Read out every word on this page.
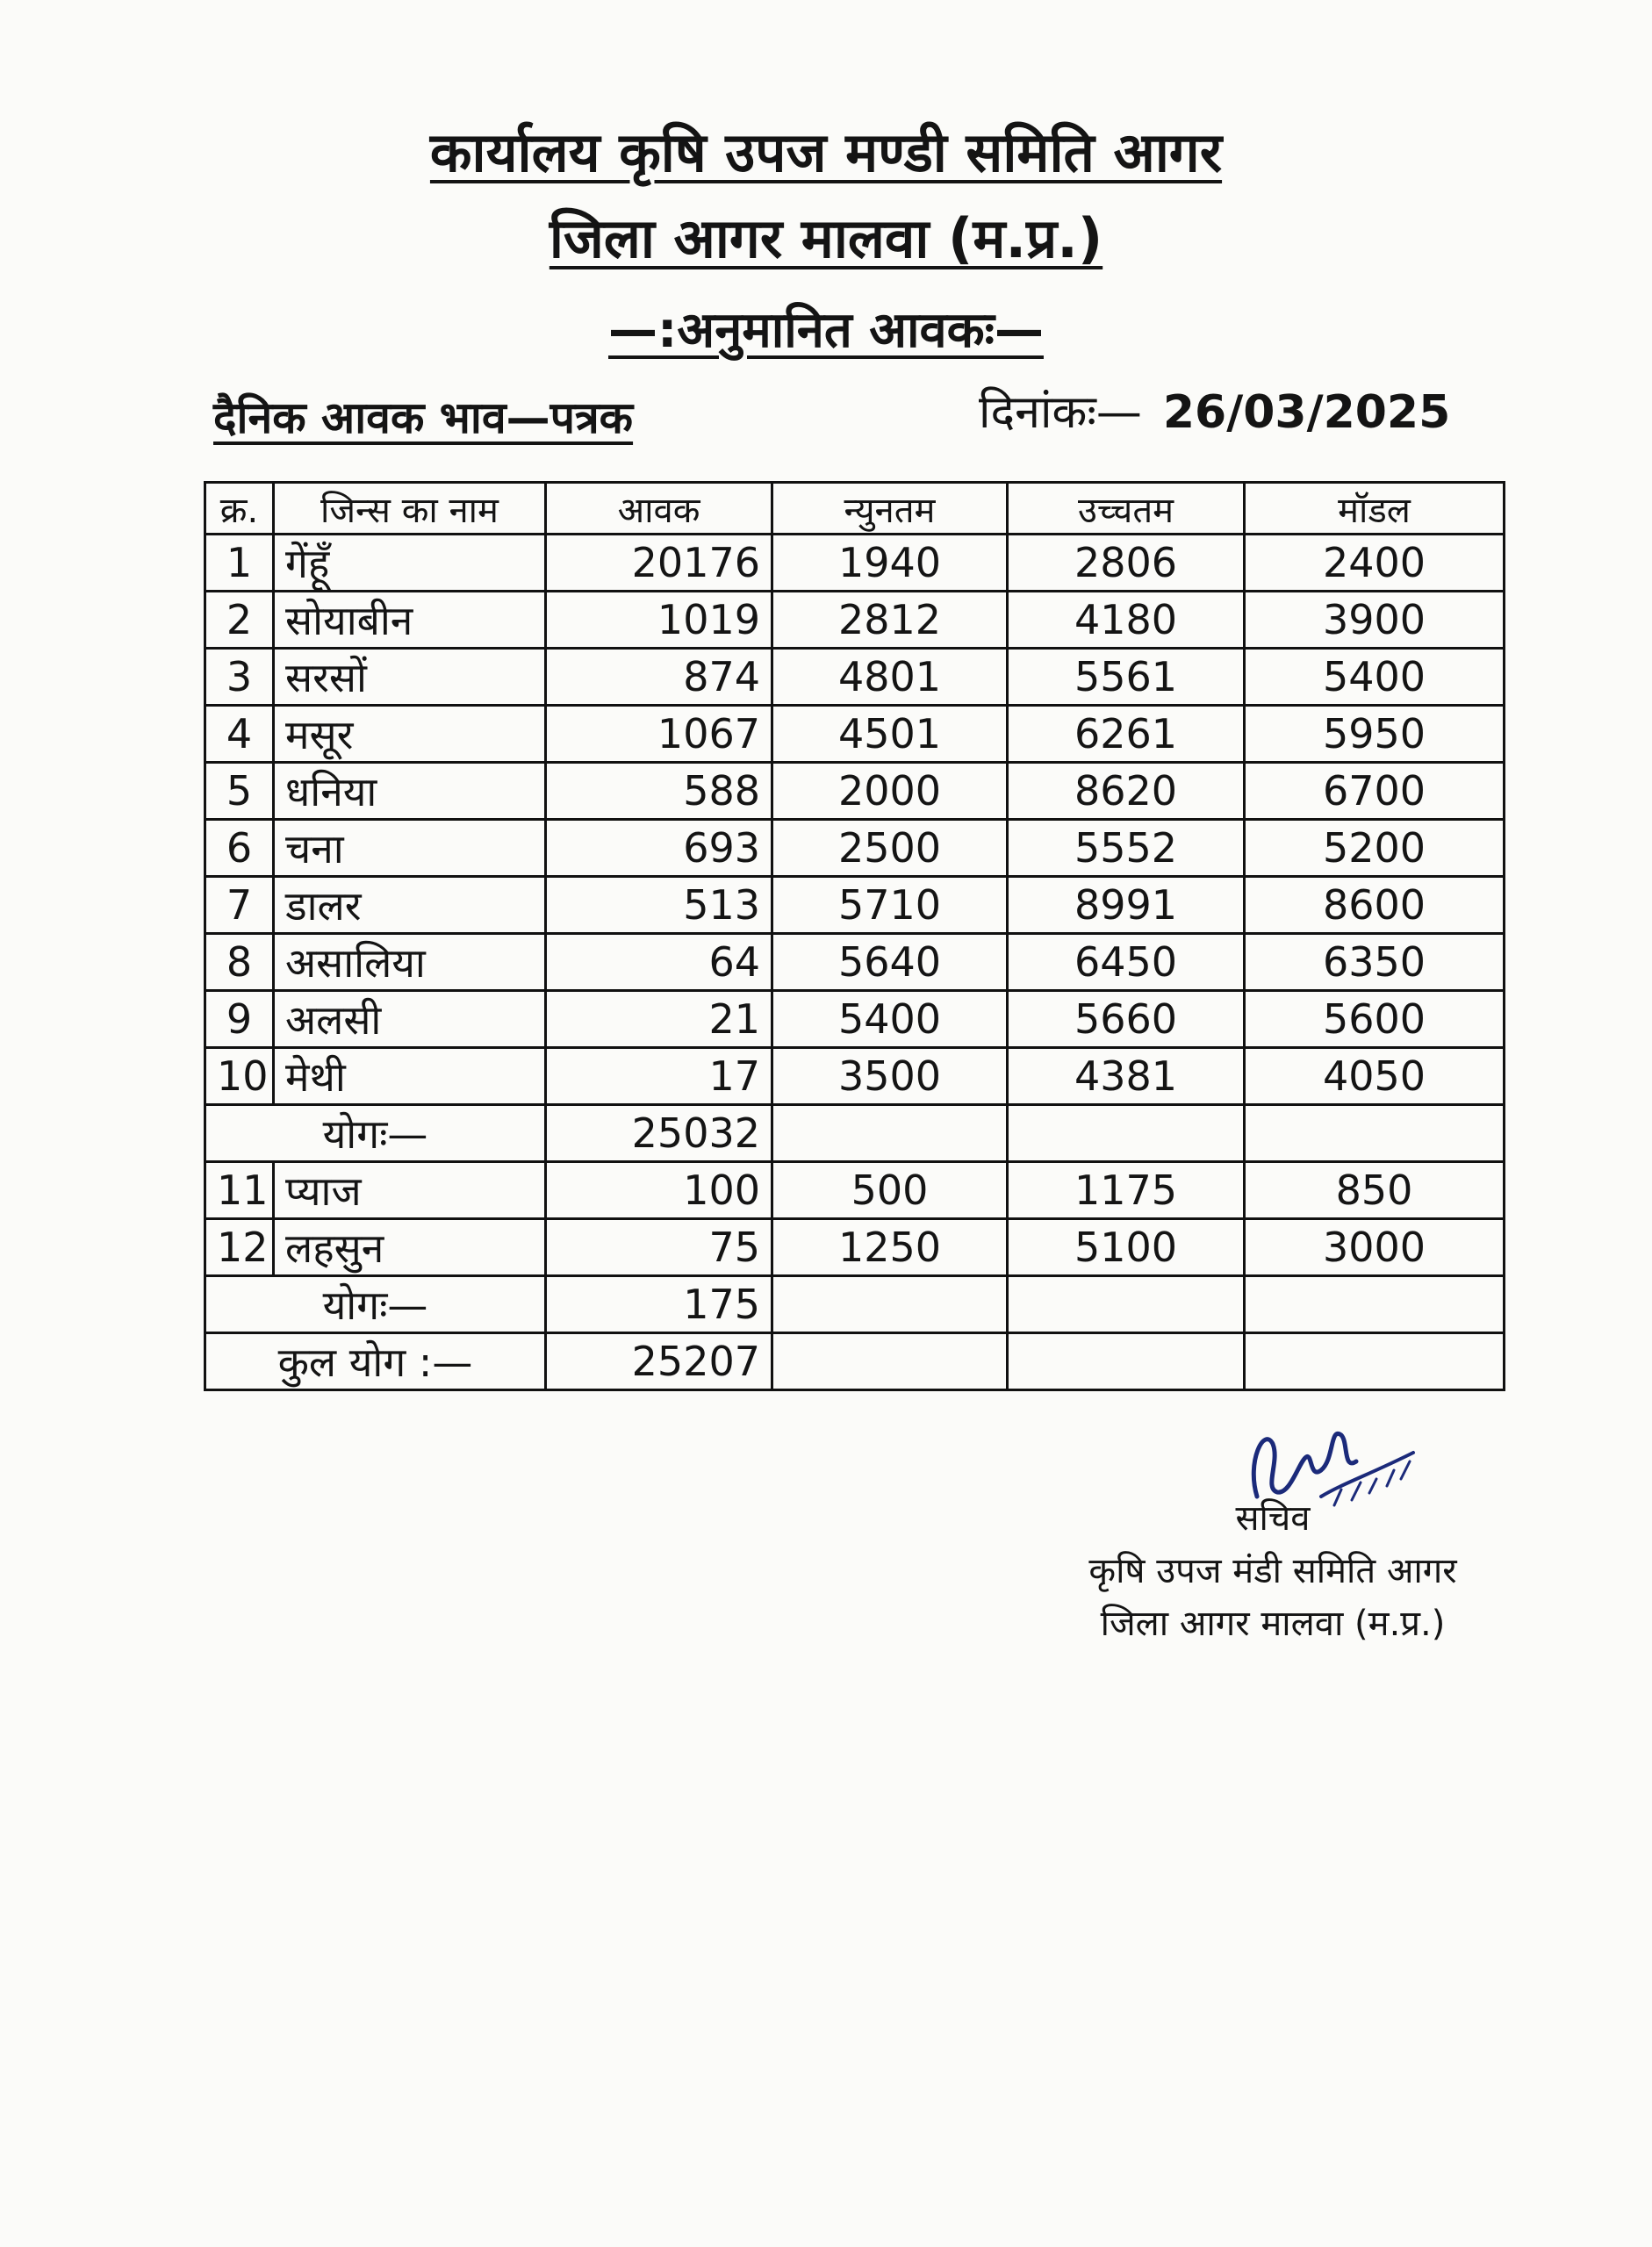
कार्यालय कृषि उपज मण्डी समिति आगर
जिला आगर मालवा (म.प्र.)
—:अनुमानित आवकः—
दैनिक आवक भाव—पत्रक	दिनांकः— 26/03/2025
क्र.	जिन्स का नाम	आवक	न्युनतम	उच्चतम	मॉडल
1	गेंहूँ	20176	1940	2806	2400
2	सोयाबीन	1019	2812	4180	3900
3	सरसों	874	4801	5561	5400
4	मसूर	1067	4501	6261	5950
5	धनिया	588	2000	8620	6700
6	चना	693	2500	5552	5200
7	डालर	513	5710	8991	8600
8	असालिया	64	5640	6450	6350
9	अलसी	21	5400	5660	5600
10	मेथी	17	3500	4381	4050
योगः—		25032			
11	प्याज	100	500	1175	850
12	लहसुन	75	1250	5100	3000
योगः—		175			
कुल योग :—		25207			
सचिव
कृषि उपज मंडी समिति आगर
जिला आगर मालवा (म.प्र.)
